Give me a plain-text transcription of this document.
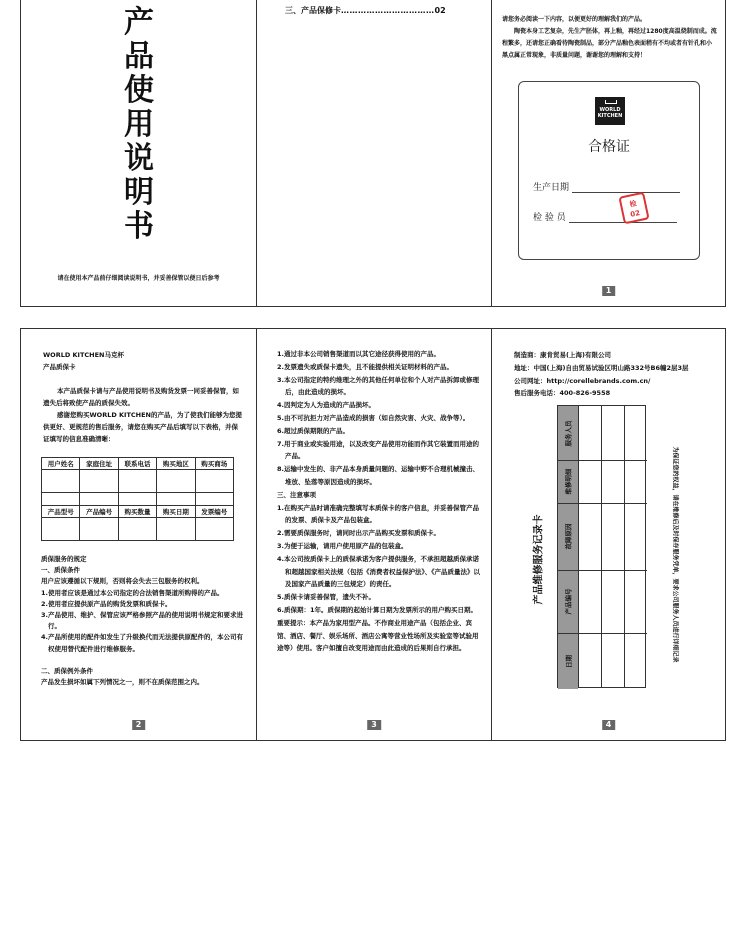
产
品
使
用
说
明
书
请在使用本产品前仔细阅读说明书，并妥善保管以便日后参考
三、产品保修卡……………………………02
请您务必阅读一下内容，以便更好的理解我们的产品。

陶瓷本身工艺复杂，先生产胚体，再上釉，再经过1280度高温烧制而成。流程繁多，还请您正确看待陶瓷制品，部分产品釉色表面稍有不均或者有针孔和小黑点属正常现象，非质量问题，谢谢您的理解和支持！

WORLD
KITCHEN
合格证
生产日期
检 验 员
检
02
1
WORLD KITCHEN马克杯
产品质保卡

本产品质保卡请与产品使用说明书及购货发票一同妥善保管，如遗失后将致使产品的质保失效。

感谢您购买WORLD KITCHEN的产品，为了使我们能够为您提供更好、更规范的售后服务，请您在购买产品后填写以下表格，并保证填写的信息准确清晰：

用户姓名	家庭住址	联系电话	购买地区	购买商场

产品型号	产品编号	购买数量	购买日期	发票编号

质保服务的规定
一、质保条件
用户应该遵循以下规则，否则将会失去三包服务的权利。
1.使用者应该是通过本公司指定的合法销售渠道所购得的产品。
2.使用者应提供原产品的购货发票和质保卡。
3.产品使用、维护、保管应该严格参照产品的使用说明书规定和要求进行。
4.产品所使用的配件如发生了升级换代而无法提供原配件的，本公司有权使用替代配件进行维修服务。
二、质保例外条件
产品发生损坏如属下列情况之一，则不在质保范围之内。
2
1.通过非本公司销售渠道而以其它途径获得使用的产品。
2.发票遗失或质保卡遗失，且不能提供相关证明材料的产品。
3.本公司指定的特约维理之外的其他任何单位和个人对产品拆卸或修理后，由此造成的损坏。
4.因判定为人为造成的产品损坏。
5.由不可抗拒力对产品造成的损害（如自然灾害、火灾、战争等）。
6.超过质保期限的产品。
7.用于商业或实验用途，以及改变产品使用功能而作其它装置而用途的产品。
8.运输中发生的、非产品本身质量问题的、运输中野不合理机械撞击、堆放、坠落等原因造成的损坏。
三、注意事项
1.在购买产品时请准确完整填写本质保卡的客户信息，并妥善保管产品的发票、质保卡及产品包装盒。
2.需要质保服务时，请同时出示产品购买发票和质保卡。
3.为便于运输，请用户使用原产品的包装盒。
4.本公司按质保卡上的质保承诺为客户提供服务，不承担超越质保承诺和超越国家相关法规（包括《消费者权益保护法》、《产品质量法》以及国家产品质量的三包规定）的责任。
5.质保卡请妥善保管，遗失不补。
6.质保期：1年。质保期的起始计算日期为发票所示的用户购买日期。
重要提示：本产品为家用型产品。不作商业用途产品（包括企业、宾馆、酒店、餐厅、娱乐场所、酒店公寓等营业性场所及实验室等试验用途等）使用。客户如擅自改变用途而由此造成的后果则自行承担。
3
制造商：康肯贸易(上海)有限公司
地址：中国(上海)自由贸易试验区明山路332号B6幢2层3层
公司网址：http://corellebrands.com.cn/
售后服务电话：400-826-9558
产品维修服务记录卡
日期
产品编号
故障原因
维修明细
服务人员
为保证您的权益，请在维修后及时保存服务凭单，要求公司服务人员进行详细记录
4
